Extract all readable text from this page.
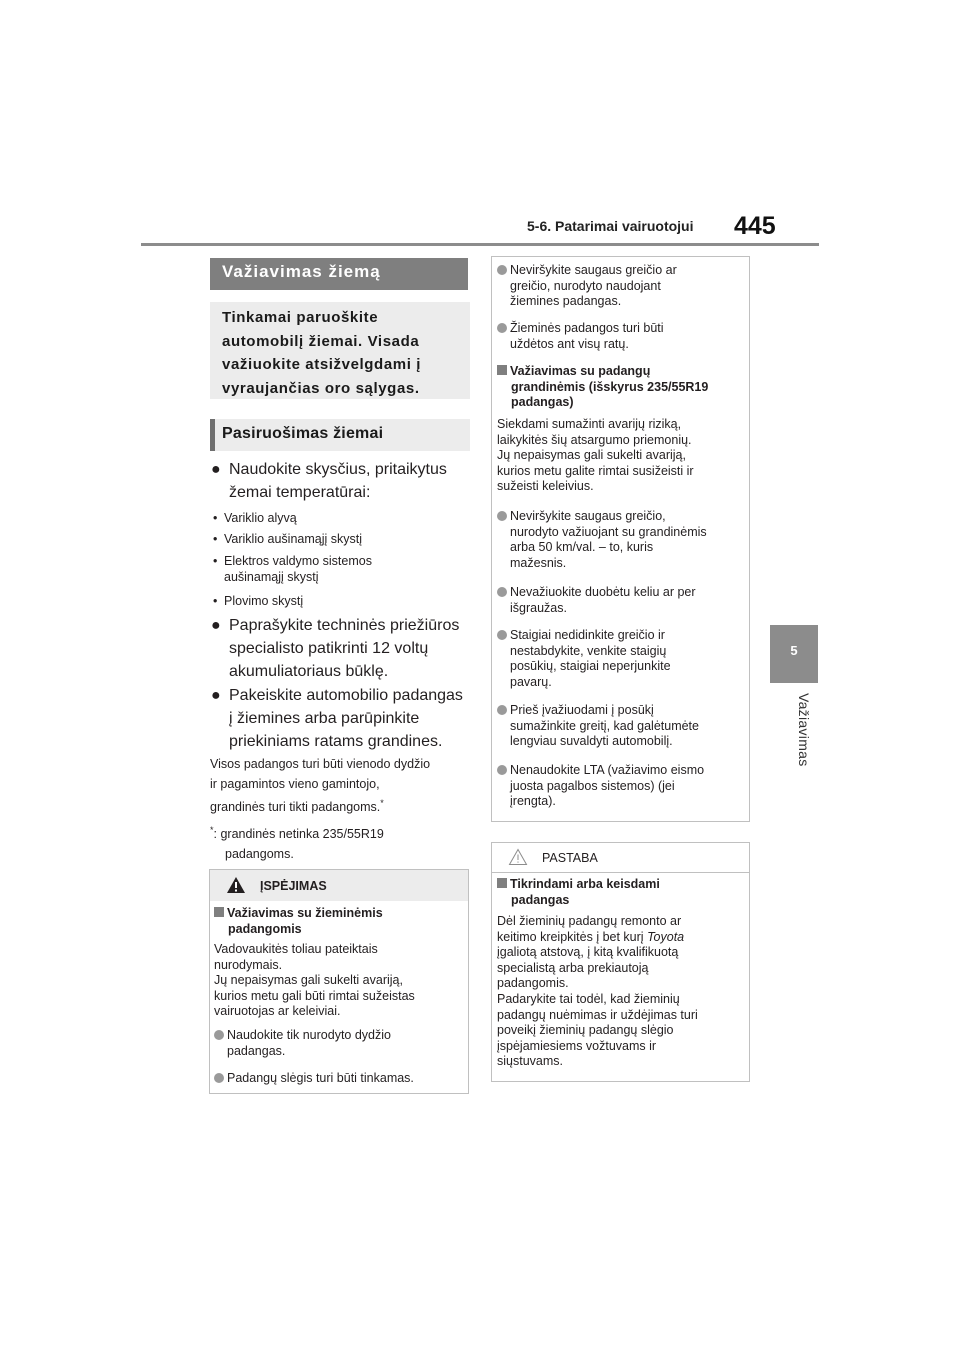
5-6. Patarimai vairuotojui 445
5
Važiavimas
Važiavimas žiemą
Tinkamai paruoškite
automobilį žiemai. Visada
važiuokite atsižvelgdami į
vyraujančias oro sąlygas.
Pasiruošimas žiemai
● Naudokite skysčius, pritaikytus
žemai temperatūrai:
• Variklio alyvą
• Variklio aušinamąjį skystį
• Elektros valdymo sistemos
aušinamąjį skystį
• Plovimo skystį
● Paprašykite techninės priežiūros
specialisto patikrinti 12 voltų
akumuliatoriaus būklę.
● Pakeiskite automobilio padangas
į žiemines arba parūpinkite
priekiniams ratams grandines.
Visos padangos turi būti vienodo dydžio
ir pagamintos vieno gamintojo,
grandinės turi tikti padangoms.*
*: grandinės netinka 235/55R19
padangoms.
ĮSPĖJIMAS
Važiavimas su žieminėmis
padangomis
Vadovaukitės toliau pateiktais
nurodymais.
Jų nepaisymas gali sukelti avariją,
kurios metu gali būti rimtai sužeistas
vairuotojas ar keleiviai.
Naudokite tik nurodyto dydžio
padangas.
Padangų slėgis turi būti tinkamas.
Neviršykite saugaus greičio ar
greičio, nurodyto naudojant
žiemines padangas.
Žieminės padangos turi būti
uždėtos ant visų ratų.
Važiavimas su padangų
grandinėmis (išskyrus 235/55R19
padangas)
Siekdami sumažinti avarijų riziką,
laikykitės šių atsargumo priemonių.
Jų nepaisymas gali sukelti avariją,
kurios metu galite rimtai susižeisti ir
sužeisti keleivius.
Neviršykite saugaus greičio,
nurodyto važiuojant su grandinėmis
arba 50 km/val. – to, kuris
mažesnis.
Nevažiuokite duobėtu keliu ar per
išgraužas.
Staigiai nedidinkite greičio ir
nestabdykite, venkite staigių
posūkių, staigiai neperjunkite
pavarų.
Prieš įvažiuodami į posūkį
sumažinkite greitį, kad galėtumėte
lengviau suvaldyti automobilį.
Nenaudokite LTA (važiavimo eismo
juosta pagalbos sistemos) (jei
įrengta).
PASTABA
Tikrindami arba keisdami
padangas
Dėl žieminių padangų remonto ar
keitimo kreipkitės į bet kurį Toyota
įgaliotą atstovą, į kitą kvalifikuotą
specialistą arba prekiautoją
padangomis.
Padarykite tai todėl, kad žieminių
padangų nuėmimas ir uždėjimas turi
poveikį žieminių padangų slėgio
įspėjamiesiems vožtuvams ir
siųstuvams.
